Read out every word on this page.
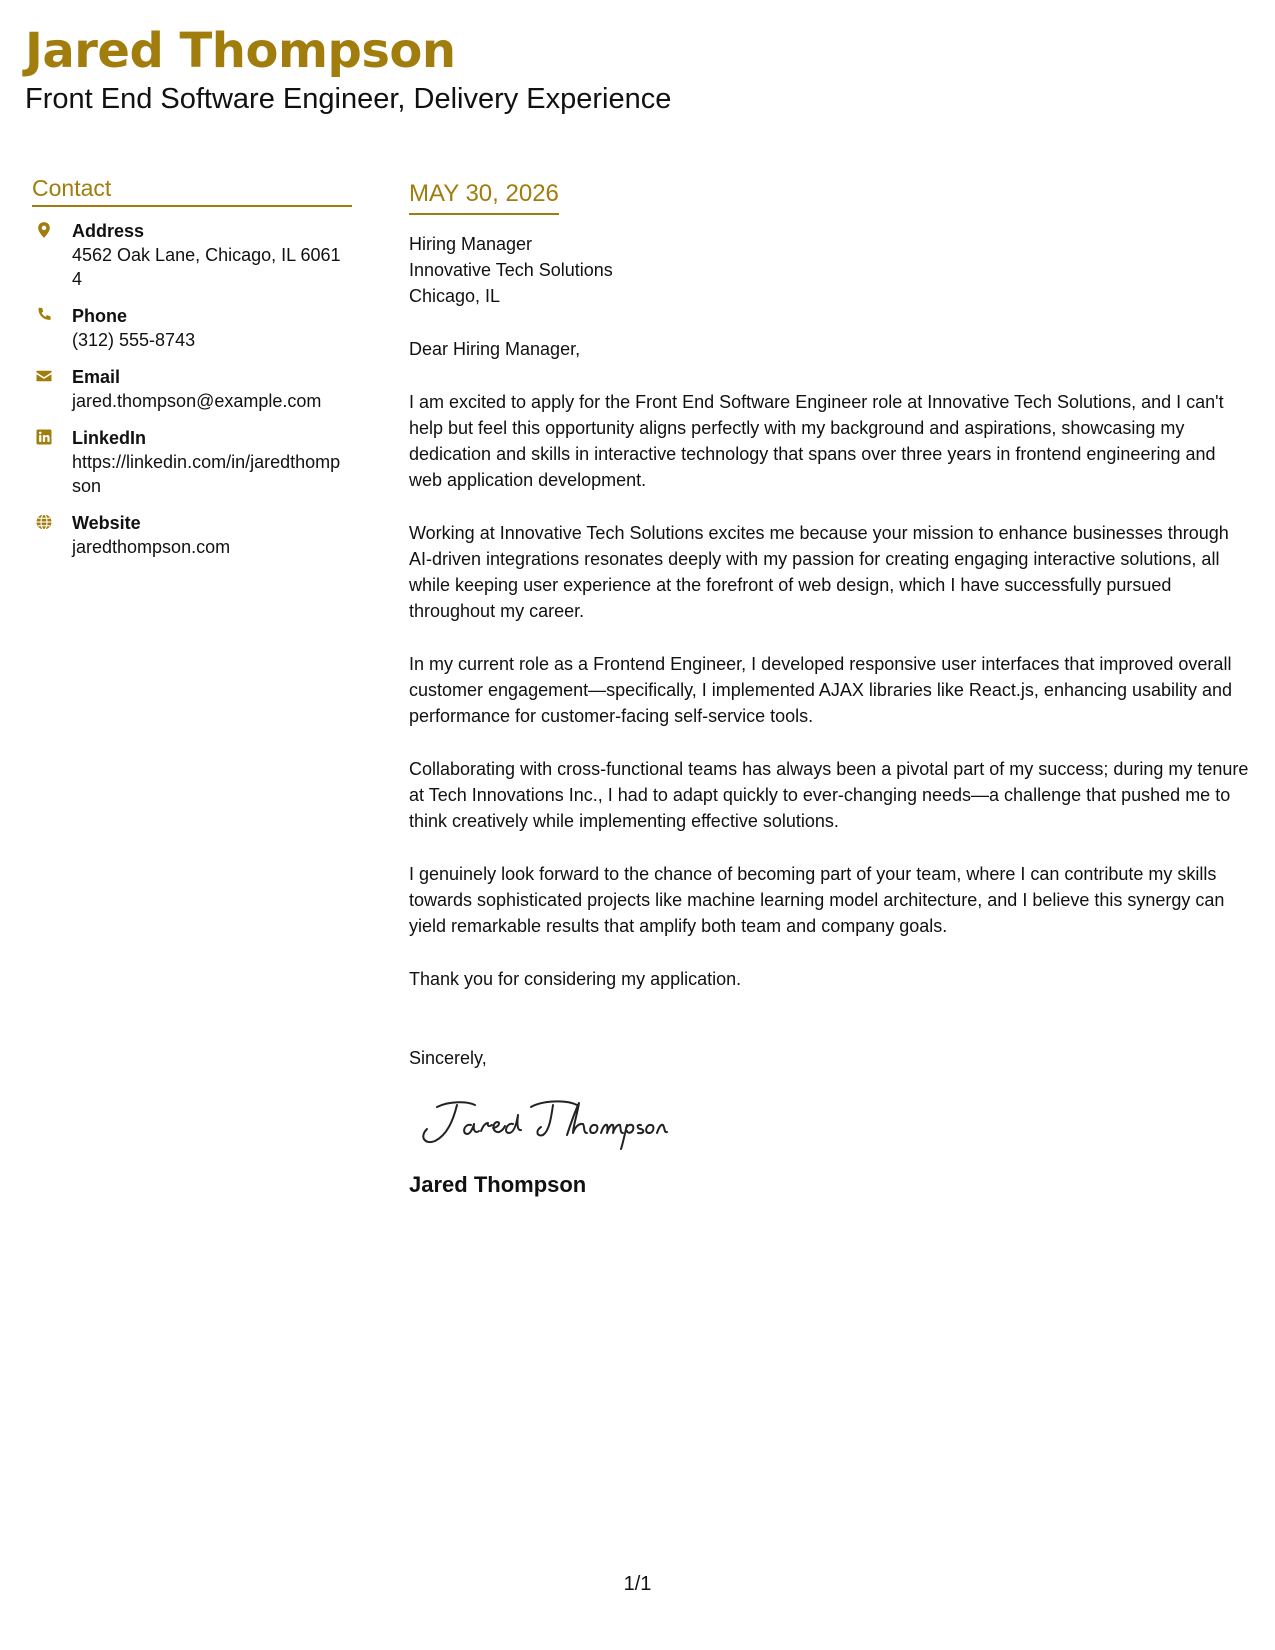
Jared Thompson
Front End Software Engineer, Delivery Experience
Contact
Address
4562 Oak Lane, Chicago, IL 60614
Phone
(312) 555-8743
Email
jared.thompson@example.com
LinkedIn
https://linkedin.com/in/jaredthompson
Website
jaredthompson.com
MAY 30, 2026
Hiring Manager
Innovative Tech Solutions
Chicago, IL
Dear Hiring Manager,

I am excited to apply for the Front End Software Engineer role at Innovative Tech Solutions, and I can't help but feel this opportunity aligns perfectly with my background and aspirations, showcasing my dedication and skills in interactive technology that spans over three years in frontend engineering and web application development.

Working at Innovative Tech Solutions excites me because your mission to enhance businesses through AI-driven integrations resonates deeply with my passion for creating engaging interactive solutions, all while keeping user experience at the forefront of web design, which I have successfully pursued throughout my career.

In my current role as a Frontend Engineer, I developed responsive user interfaces that improved overall customer engagement—specifically, I implemented AJAX libraries like React.js, enhancing usability and performance for customer-facing self-service tools.

Collaborating with cross-functional teams has always been a pivotal part of my success; during my tenure at Tech Innovations Inc., I had to adapt quickly to ever-changing needs—a challenge that pushed me to think creatively while implementing effective solutions.

I genuinely look forward to the chance of becoming part of your team, where I can contribute my skills towards sophisticated projects like machine learning model architecture, and I believe this synergy can yield remarkable results that amplify both team and company goals.

Thank you for considering my application.

Sincerely,
Jared Thompson
1/1
